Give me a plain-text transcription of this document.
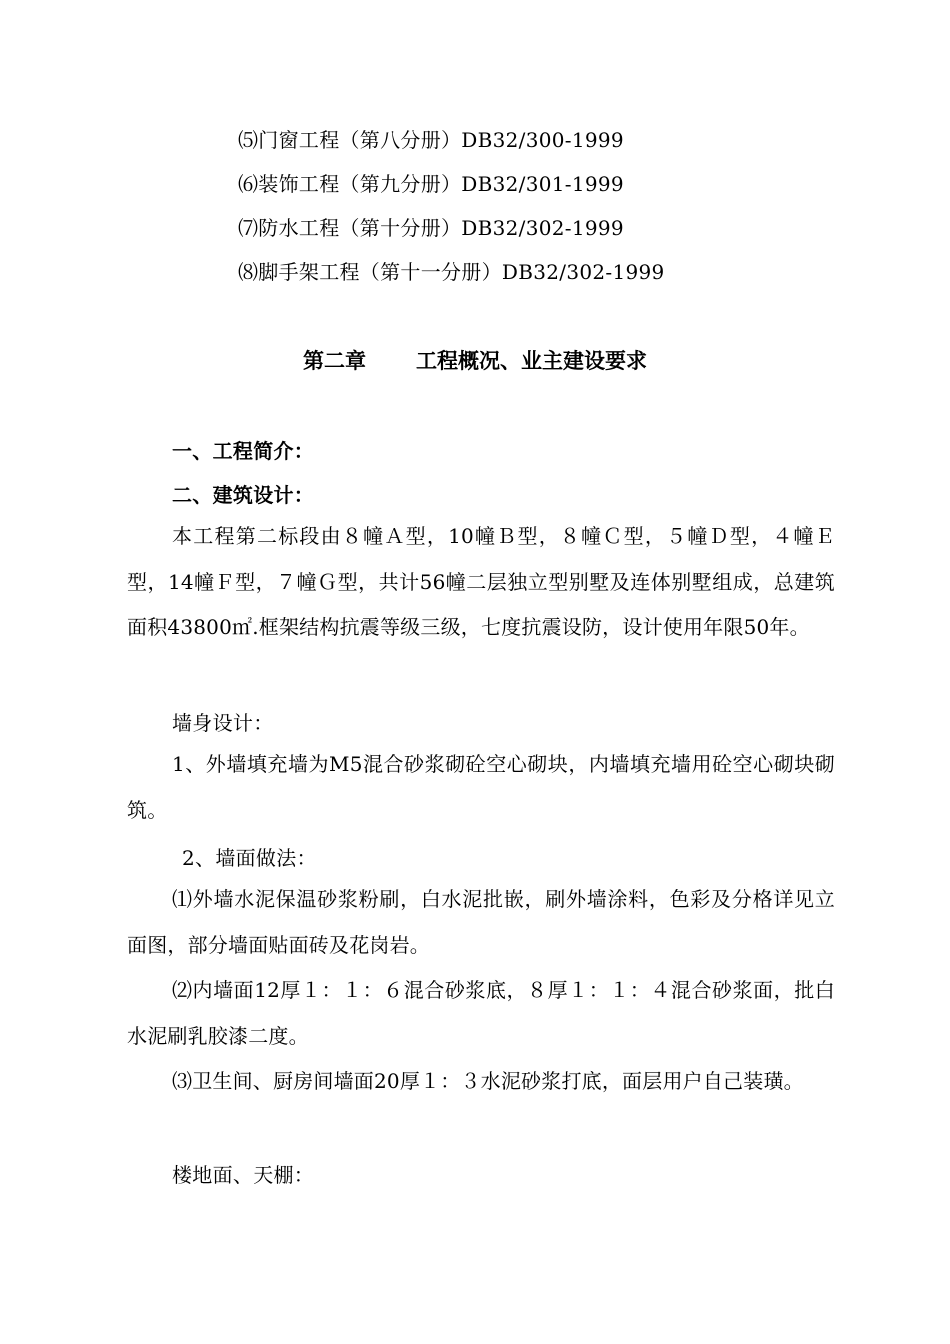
⑸门窗工程（第八分册）DB32/300-1999
⑹装饰工程（第九分册）DB32/301-1999
⑺防水工程（第十分册）DB32/302-1999
⑻脚手架工程（第十一分册）DB32/302-1999
第二章 工程概况、业主建设要求
一、工程简介：
二、建筑设计：
本工程第二标段由８幢Ａ型，10幢Ｂ型，８幢Ｃ型，５幢Ｄ型，４幢Ｅ型，14幢Ｆ型，７幢Ｇ型，共计56幢二层独立型别墅及连体别墅组成，总建筑面积43800㎡.框架结构抗震等级三级，七度抗震设防，设计使用年限50年。
墙身设计：
1、外墙填充墙为M5混合砂浆砌砼空心砌块，内墙填充墙用砼空心砌块砌筑。
2、墙面做法：
⑴外墙水泥保温砂浆粉刷，白水泥批嵌，刷外墙涂料，色彩及分格详见立面图，部分墙面贴面砖及花岗岩。
⑵内墙面12厚１：１：６混合砂浆底，８厚１：１：４混合砂浆面，批白水泥刷乳胶漆二度。
⑶卫生间、厨房间墙面20厚１：３水泥砂浆打底，面层用户自己装璜。
楼地面、天棚：
